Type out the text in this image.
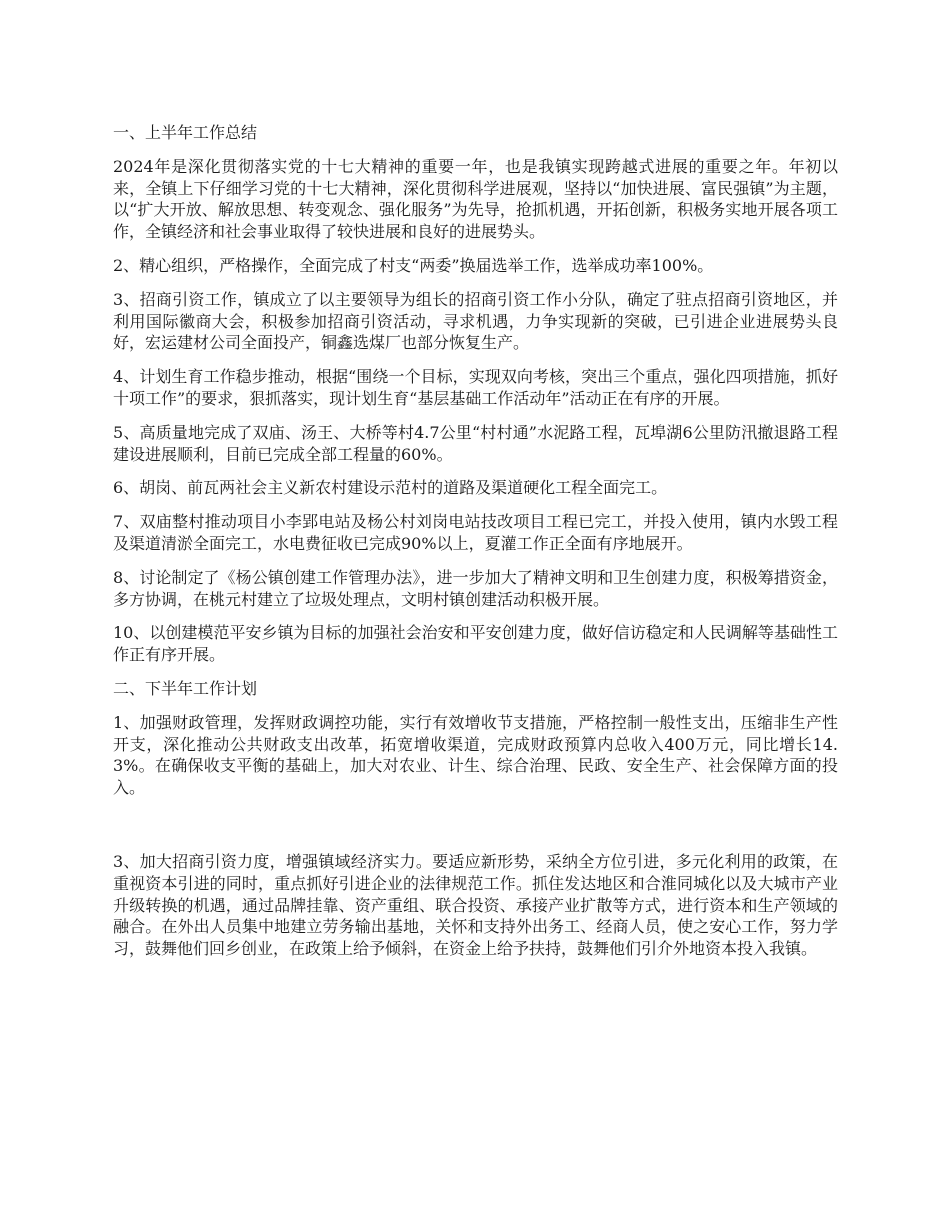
一、上半年工作总结

2024年是深化贯彻落实党的十七大精神的重要一年，也是我镇实现跨越式进展的重要之年。年初以来，全镇上下仔细学习党的十七大精神，深化贯彻科学进展观，坚持以“加快进展、富民强镇”为主题，以“扩大开放、解放思想、转变观念、强化服务”为先导，抢抓机遇，开拓创新，积极务实地开展各项工作，全镇经济和社会事业取得了较快进展和良好的进展势头。

2、精心组织，严格操作，全面完成了村支“两委”换届选举工作，选举成功率100%。

3、招商引资工作，镇成立了以主要领导为组长的招商引资工作小分队，确定了驻点招商引资地区，并利用国际徽商大会，积极参加招商引资活动，寻求机遇，力争实现新的突破，已引进企业进展势头良好，宏运建材公司全面投产，铜鑫选煤厂也部分恢复生产。

4、计划生育工作稳步推动，根据“围绕一个目标，实现双向考核，突出三个重点，强化四项措施，抓好十项工作”的要求，狠抓落实，现计划生育“基层基础工作活动年”活动正在有序的开展。

5、高质量地完成了双庙、汤王、大桥等村4.7公里“村村通”水泥路工程，瓦埠湖6公里防汛撤退路工程建设进展顺利，目前已完成全部工程量的60%。

6、胡岗、前瓦两社会主义新农村建设示范村的道路及渠道硬化工程全面完工。

7、双庙整村推动项目小李郢电站及杨公村刘岗电站技改项目工程已完工，并投入使用，镇内水毁工程及渠道清淤全面完工，水电费征收已完成90%以上，夏灌工作正全面有序地展开。

8、讨论制定了《杨公镇创建工作管理办法》，进一步加大了精神文明和卫生创建力度，积极筹措资金，多方协调，在桃元村建立了垃圾处理点，文明村镇创建活动积极开展。

10、以创建模范平安乡镇为目标的加强社会治安和平安创建力度，做好信访稳定和人民调解等基础性工作正有序开展。

二、下半年工作计划

1、加强财政管理，发挥财政调控功能，实行有效增收节支措施，严格控制一般性支出，压缩非生产性开支，深化推动公共财政支出改革，拓宽增收渠道，完成财政预算内总收入400万元，同比增长14.3%。在确保收支平衡的基础上，加大对农业、计生、综合治理、民政、安全生产、社会保障方面的投入。

3、加大招商引资力度，增强镇域经济实力。要适应新形势，采纳全方位引进，多元化利用的政策，在重视资本引进的同时，重点抓好引进企业的法律规范工作。抓住发达地区和合淮同城化以及大城市产业升级转换的机遇，通过品牌挂靠、资产重组、联合投资、承接产业扩散等方式，进行资本和生产领域的融合。在外出人员集中地建立劳务输出基地，关怀和支持外出务工、经商人员，使之安心工作，努力学习，鼓舞他们回乡创业，在政策上给予倾斜，在资金上给予扶持，鼓舞他们引介外地资本投入我镇。
